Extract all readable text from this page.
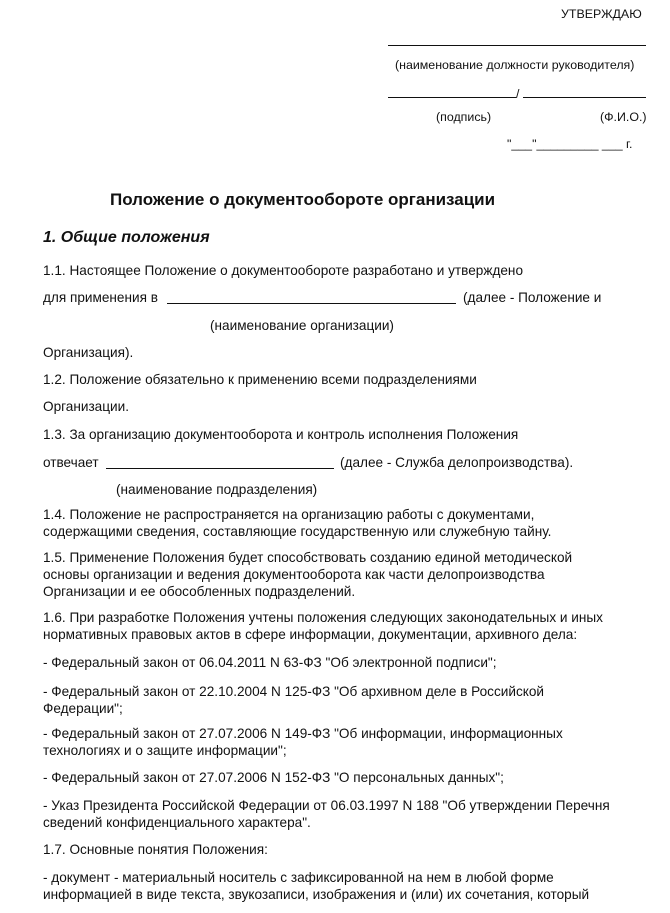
УТВЕРЖДАЮ
(наименование должности руководителя)
/
(подпись)	(Ф.И.О.)
"___"_________ ___ г.
Положение о документообороте организации
1. Общие положения
1.1. Настоящее Положение о документообороте разработано и утверждено
для применения в	(далее - Положение и
(наименование организации)
Организация).
1.2. Положение обязательно к применению всеми подразделениями
Организации.
1.3. За организацию документооборота и контроль исполнения Положения
отвечает	(далее - Служба делопроизводства).
(наименование подразделения)
1.4. Положение не распространяется на организацию работы с документами,
содержащими сведения, составляющие государственную или служебную тайну.
1.5. Применение Положения будет способствовать созданию единой методической
основы организации и ведения документооборота как части делопроизводства
Организации и ее обособленных подразделений.
1.6. При разработке Положения учтены положения следующих законодательных и иных
нормативных правовых актов в сфере информации, документации, архивного дела:
- Федеральный закон от 06.04.2011 N 63-ФЗ "Об электронной подписи";
- Федеральный закон от 22.10.2004 N 125-ФЗ "Об архивном деле в Российской
Федерации";
- Федеральный закон от 27.07.2006 N 149-ФЗ "Об информации, информационных
технологиях и о защите информации";
- Федеральный закон от 27.07.2006 N 152-ФЗ "О персональных данных";
- Указ Президента Российской Федерации от 06.03.1997 N 188 "Об утверждении Перечня
сведений конфиденциального характера".
1.7. Основные понятия Положения:
- документ - материальный носитель с зафиксированной на нем в любой форме
информацией в виде текста, звукозаписи, изображения и (или) их сочетания, который
